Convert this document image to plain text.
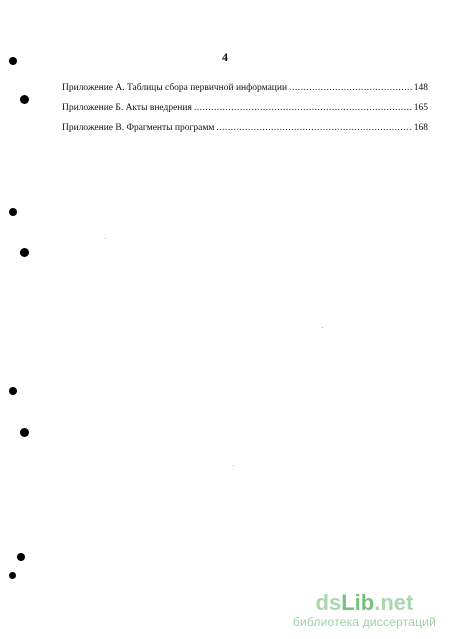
4
Приложение А. Таблицы сбора первичной информации .....	148
Приложение Б. Акты внедрения .....	165
Приложение В. Фрагменты программ .....	168
dsLib.net
библиотека диссертаций
